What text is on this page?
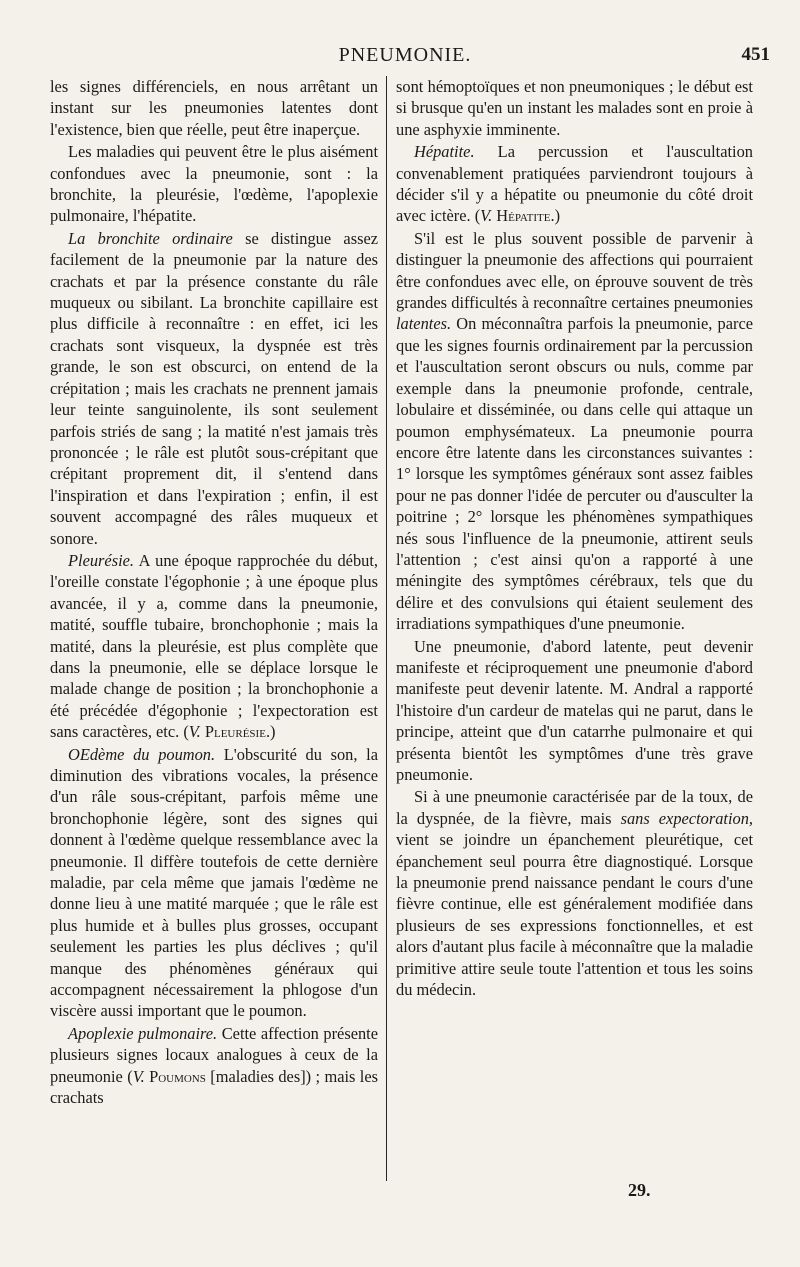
PNEUMONIE.	451

les signes différenciels, en nous arrêtant un instant sur les pneumonies latentes dont l'existence, bien que réelle, peut être inaperçue.

Les maladies qui peuvent être le plus aisément confondues avec la pneumonie, sont : la bronchite, la pleurésie, l'œdème, l'apoplexie pulmonaire, l'hépatite.

La bronchite ordinaire se distingue assez facilement de la pneumonie par la nature des crachats et par la présence constante du râle muqueux ou sibilant. La bronchite capillaire est plus difficile à reconnaître : en effet, ici les crachats sont visqueux, la dyspnée est très grande, le son est obscurci, on entend de la crépitation ; mais les crachats ne prennent jamais leur teinte sanguinolente, ils sont seulement parfois striés de sang ; la matité n'est jamais très prononcée ; le râle est plutôt sous-crépitant que crépitant proprement dit, il s'entend dans l'inspiration et dans l'expiration ; enfin, il est souvent accompagné des râles muqueux et sonore.

Pleurésie. A une époque rapprochée du début, l'oreille constate l'égophonie ; à une époque plus avancée, il y a, comme dans la pneumonie, matité, souffle tubaire, bronchophonie ; mais la matité, dans la pleurésie, est plus complète que dans la pneumonie, elle se déplace lorsque le malade change de position ; la bronchophonie a été précédée d'égophonie ; l'expectoration est sans caractères, etc. (V. Pleurésie.)

OEdème du poumon. L'obscurité du son, la diminution des vibrations vocales, la présence d'un râle sous-crépitant, parfois même une bronchophonie légère, sont des signes qui donnent à l'œdème quelque ressemblance avec la pneumonie. Il diffère toutefois de cette dernière maladie, par cela même que jamais l'œdème ne donne lieu à une matité marquée ; que le râle est plus humide et à bulles plus grosses, occupant seulement les parties les plus déclives ; qu'il manque des phénomènes généraux qui accompagnent nécessairement la phlogose d'un viscère aussi important que le poumon.

Apoplexie pulmonaire. Cette affection présente plusieurs signes locaux analogues à ceux de la pneumonie (V. Poumons [maladies des]) ; mais les crachats

sont hémoptoïques et non pneumoniques ; le début est si brusque qu'en un instant les malades sont en proie à une asphyxie imminente.

Hépatite. La percussion et l'auscultation convenablement pratiquées parviendront toujours à décider s'il y a hépatite ou pneumonie du côté droit avec ictère. (V. Hépatite.)

S'il est le plus souvent possible de parvenir à distinguer la pneumonie des affections qui pourraient être confondues avec elle, on éprouve souvent de très grandes difficultés à reconnaître certaines pneumonies latentes. On méconnaîtra parfois la pneumonie, parce que les signes fournis ordinairement par la percussion et l'auscultation seront obscurs ou nuls, comme par exemple dans la pneumonie profonde, centrale, lobulaire et disséminée, ou dans celle qui attaque un poumon emphysémateux. La pneumonie pourra encore être latente dans les circonstances suivantes : 1° lorsque les symptômes généraux sont assez faibles pour ne pas donner l'idée de percuter ou d'ausculter la poitrine ; 2° lorsque les phénomènes sympathiques nés sous l'influence de la pneumonie, attirent seuls l'attention ; c'est ainsi qu'on a rapporté à une méningite des symptômes cérébraux, tels que du délire et des convulsions qui étaient seulement des irradiations sympathiques d'une pneumonie.

Une pneumonie, d'abord latente, peut devenir manifeste et réciproquement une pneumonie d'abord manifeste peut devenir latente. M. Andral a rapporté l'histoire d'un cardeur de matelas qui ne parut, dans le principe, atteint que d'un catarrhe pulmonaire et qui présenta bientôt les symptômes d'une très grave pneumonie.

Si à une pneumonie caractérisée par de la toux, de la dyspnée, de la fièvre, mais sans expectoration, vient se joindre un épanchement pleurétique, cet épanchement seul pourra être diagnostiqué. Lorsque la pneumonie prend naissance pendant le cours d'une fièvre continue, elle est généralement modifiée dans plusieurs de ses expressions fonctionnelles, et est alors d'autant plus facile à méconnaître que la maladie primitive attire seule toute l'attention et tous les soins du médecin.

29.
